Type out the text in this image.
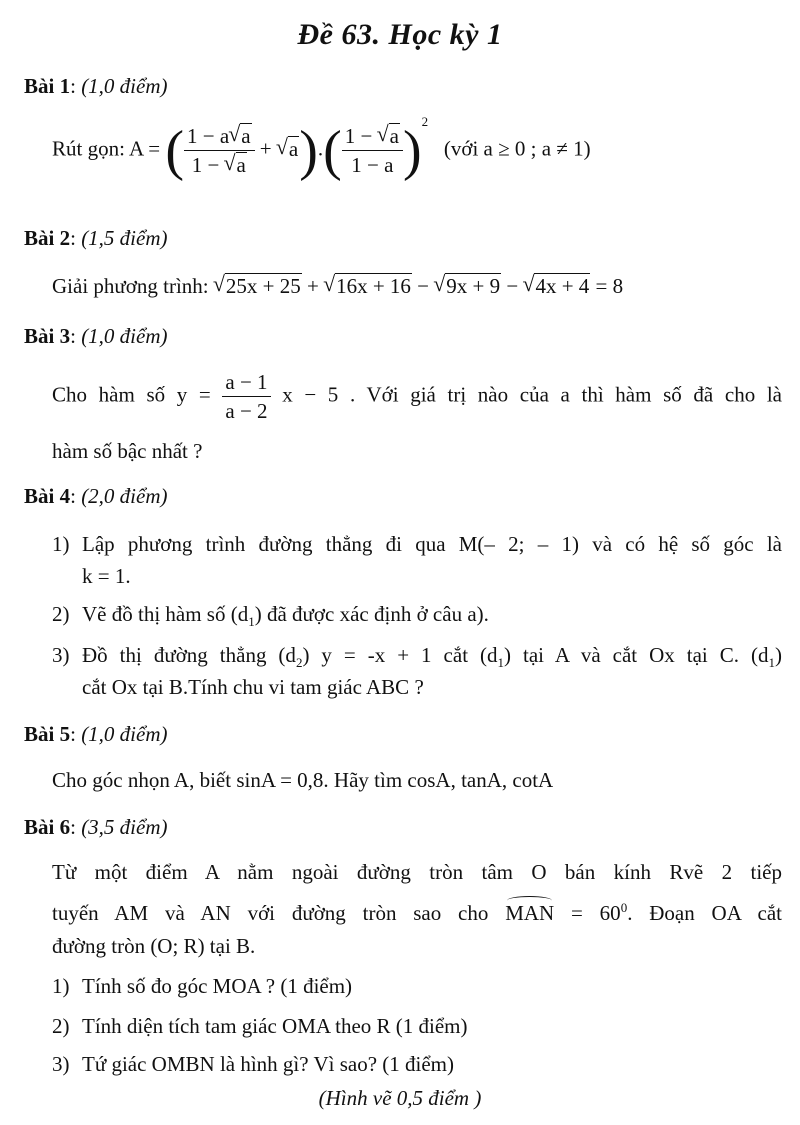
Đề 63. Học kỳ 1
Bài 1: (1,0 điểm)
Rút gọn: A = ( $\frac{1 - a √ a}{1 - √ a}$ + √ $a).( \frac{1 - √ a}{1 - a} )^2$   (với a ≥ 0 ; a ≠ 1)
Bài 2: (1,5 điểm)
Giải phương trình: √ 25x + 25 + √ 16x + 16 − √ 9x + 9 − √ 4x + 4 = 8
Bài 3: (1,0 điểm)
Cho hàm số $y = \frac{a - 1}{a - 2}$ x − 5 . Với giá trị nào của a thì hàm số đã cho là
hàm số bậc nhất ?
Bài 4: (2,0 điểm)
1) Lập phương trình đường thẳng đi qua M(– 2; – 1) và có hệ số góc là
k = 1.
2) Vẽ đồ thị hàm số $(d_1)$ đã được xác định ở câu a).
3) Đồ thị đường thẳng $(d_2) y = -x + 1$ cắt $(d_1)$ tại A và cắt Ox tại C. $(d_1)$
cắt Ox tại B.Tính chu vi tam giác ABC ?
Bài 5: (1,0 điểm)
Cho góc nhọn A, biết sinA = 0,8. Hãy tìm cosA, tanA, cotA
Bài 6: (3,5 điểm)
Từ một điểm A nằm ngoài đường tròn tâm O bán kính Rvẽ 2 tiếp
tuyến AM và AN với đường tròn sao cho MAN = $60^0$. Đoạn OA cắt
đường tròn (O; R) tại B.
1) Tính số đo góc MOA ? (1 điểm)
2) Tính diện tích tam giác OMA theo R (1 điểm)
3) Tứ giác OMBN là hình gì? Vì sao? (1 điểm)
(Hình vẽ 0,5 điểm )
